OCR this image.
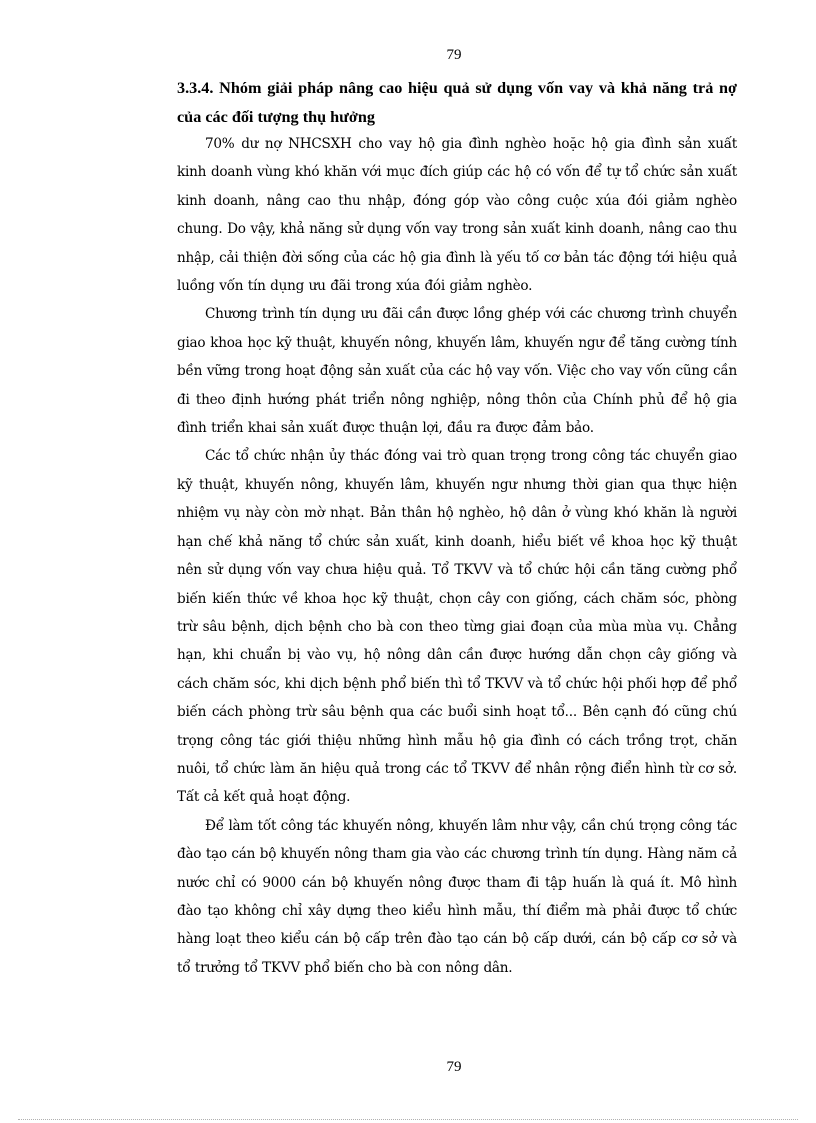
79
3.3.4. Nhóm giải pháp nâng cao hiệu quả sử dụng vốn vay và khả năng trả nợ của các đối tượng thụ hưởng

70% dư nợ NHCSXH cho vay hộ gia đình nghèo hoặc hộ gia đình sản xuất kinh doanh vùng khó khăn với mục đích giúp các hộ có vốn để tự tổ chức sản xuất kinh doanh, nâng cao thu nhập, đóng góp vào công cuộc xúa đói giảm nghèo chung. Do vậy, khả năng sử dụng vốn vay trong sản xuất kinh doanh, nâng cao thu nhập, cải thiện đời sống của các hộ gia đình là yếu tố cơ bản tác động tới hiệu quả luồng vốn tín dụng ưu đãi trong xúa đói giảm nghèo.

Chương trình tín dụng ưu đãi cần được lồng ghép với các chương trình chuyển giao khoa học kỹ thuật, khuyến nông, khuyến lâm, khuyến ngư để tăng cường tính bền vững trong hoạt động sản xuất của các hộ vay vốn. Việc cho vay vốn cũng cần đi theo định hướng phát triển nông nghiệp, nông thôn của Chính phủ để hộ gia đình triển khai sản xuất được thuận lợi, đầu ra được đảm bảo.

Các tổ chức nhận ủy thác đóng vai trò quan trọng trong công tác chuyển giao kỹ thuật, khuyến nông, khuyến lâm, khuyến ngư nhưng thời gian qua thực hiện nhiệm vụ này còn mờ nhạt. Bản thân hộ nghèo, hộ dân ở vùng khó khăn là người hạn chế khả năng tổ chức sản xuất, kinh doanh, hiểu biết về khoa học kỹ thuật nên sử dụng vốn vay chưa hiệu quả. Tổ TKVV và tổ chức hội cần tăng cường phổ biến kiến thức về khoa học kỹ thuật, chọn cây con giống, cách chăm sóc, phòng trừ sâu bệnh, dịch bệnh cho bà con theo từng giai đoạn của mùa mùa vụ. Chẳng hạn, khi chuẩn bị vào vụ, hộ nông dân cần được hướng dẫn chọn cây giống và cách chăm sóc, khi dịch bệnh phổ biến thì tổ TKVV và tổ chức hội phối hợp để phổ biến cách phòng trừ sâu bệnh qua các buổi sinh hoạt tổ... Bên cạnh đó cũng chú trọng công tác giới thiệu những hình mẫu hộ gia đình có cách trồng trọt, chăn nuôi, tổ chức làm ăn hiệu quả trong các tổ TKVV để nhân rộng điển hình từ cơ sở. Tất cả kết quả hoạt động.

Để làm tốt công tác khuyến nông, khuyến lâm như vậy, cần chú trọng công tác đào tạo cán bộ khuyến nông tham gia vào các chương trình tín dụng. Hàng năm cả nước chỉ có 9000 cán bộ khuyến nông được tham đi tập huấn là quá ít. Mô hình đào tạo không chỉ xây dựng theo kiểu hình mẫu, thí điểm mà phải được tổ chức hàng loạt theo kiểu cán bộ cấp trên đào tạo cán bộ cấp dưới, cán bộ cấp cơ sở và tổ trưởng tổ TKVV phổ biến cho bà con nông dân.

79
